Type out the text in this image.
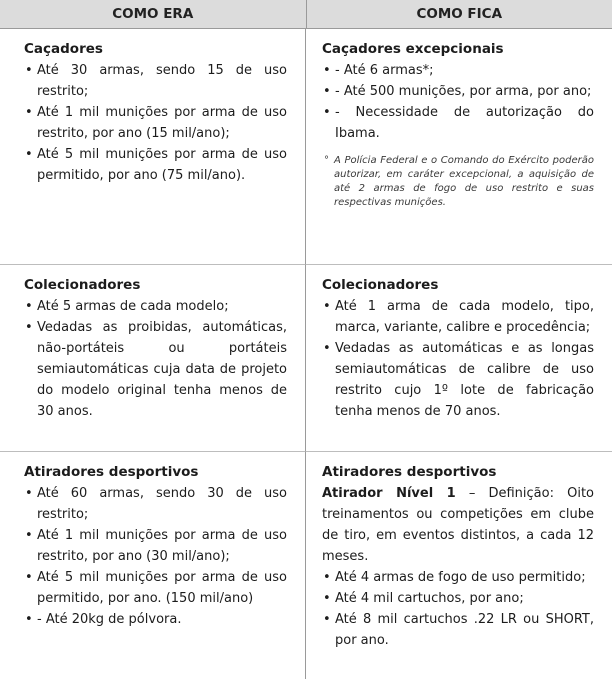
COMO ERA	COMO FICA
Caçadores
• Até 30 armas, sendo 15 de uso restrito;
• Até 1 mil munições por arma de uso restrito, por ano (15 mil/ano);
• Até 5 mil munições por arma de uso permitido, por ano (75 mil/ano).
Caçadores excepcionais
• - Até 6 armas*;
• - Até 500 munições, por arma, por ano;
• - Necessidade de autorização do Ibama.
° A Polícia Federal e o Comando do Exército poderão autorizar, em caráter excepcional, a aquisição de até 2 armas de fogo de uso restrito e suas respectivas munições.
Colecionadores
• Até 5 armas de cada modelo;
• Vedadas as proibidas, automáticas, não-portáteis ou portáteis semiautomáticas cuja data de projeto do modelo original tenha menos de 30 anos.
Colecionadores
• Até 1 arma de cada modelo, tipo, marca, variante, calibre e procedência;
• Vedadas as automáticas e as longas semiautomáticas de calibre de uso restrito cujo 1º lote de fabricação tenha menos de 70 anos.
Atiradores desportivos
• Até 60 armas, sendo 30 de uso restrito;
• Até 1 mil munições por arma de uso restrito, por ano (30 mil/ano);
• Até 5 mil munições por arma de uso permitido, por ano. (150 mil/ano)
• - Até 20kg de pólvora.
Atiradores desportivos
Atirador Nível 1 – Definição: Oito treinamentos ou competições em clube de tiro, em eventos distintos, a cada 12 meses.
• Até 4 armas de fogo de uso permitido;
• Até 4 mil cartuchos, por ano;
• Até 8 mil cartuchos .22 LR ou SHORT, por ano.
